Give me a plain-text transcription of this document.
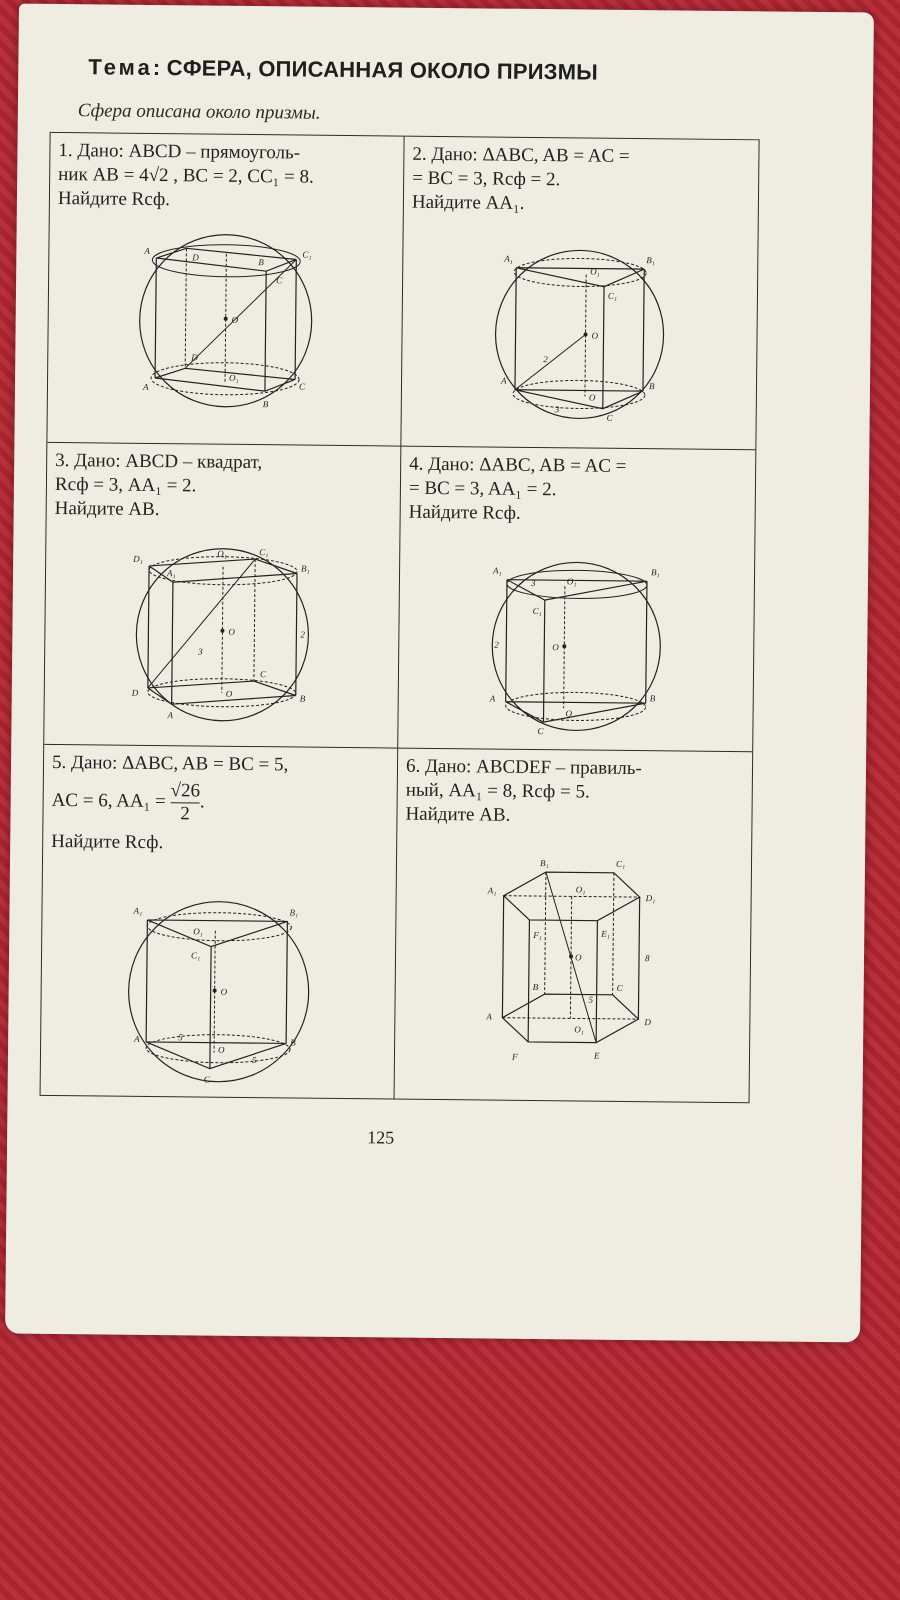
Тема: СФЕРА, ОПИСАННАЯ ОКОЛО ПРИЗМЫ
Сфера описана около призмы.

1. Дано: ABCD – прямоуголь-

ник AB = 4√2 , BC = 2, CC₁ = 8.

Найдите Rсф.

A
D	B
C
C₁
O
D
O₁
A	C
B

2. Дано: ΔABC, AB = AC =

= BC = 3, Rсф = 2.

Найдите AA₁.

A₁	B₁
O₁
C₁
O
2
A
B
O
3
C

3. Дано: ABCD – квадрат,

Rсф = 3, AA₁ = 2.

Найдите AB.

D₁
O₁	C₁
A₁	B₁
O	2
3
C
D	O	B
A

4. Дано: ΔABC, AB = AC =

= BC = 3, AA₁ = 2.

Найдите Rсф.

A₁	B₁
3	O₁
C₁
2	O
A	B
O
C

5. Дано: ΔABC, AB = BC = 5,

AC = 6, $AA_1 = \frac{√26}{2}$ .

Найдите Rсф.

A₁	B₁
O₁
C₁
O
A	5
O
B
5
C

6. Дано: ABCDEF – правиль-

ный, AA₁ = 8, Rсф = 5.

Найдите AB.

B₁	C₁
A₁	O₁
D₁
F₁	E₁
O	8
B	C
5
A
D
O₁
F	E
125
